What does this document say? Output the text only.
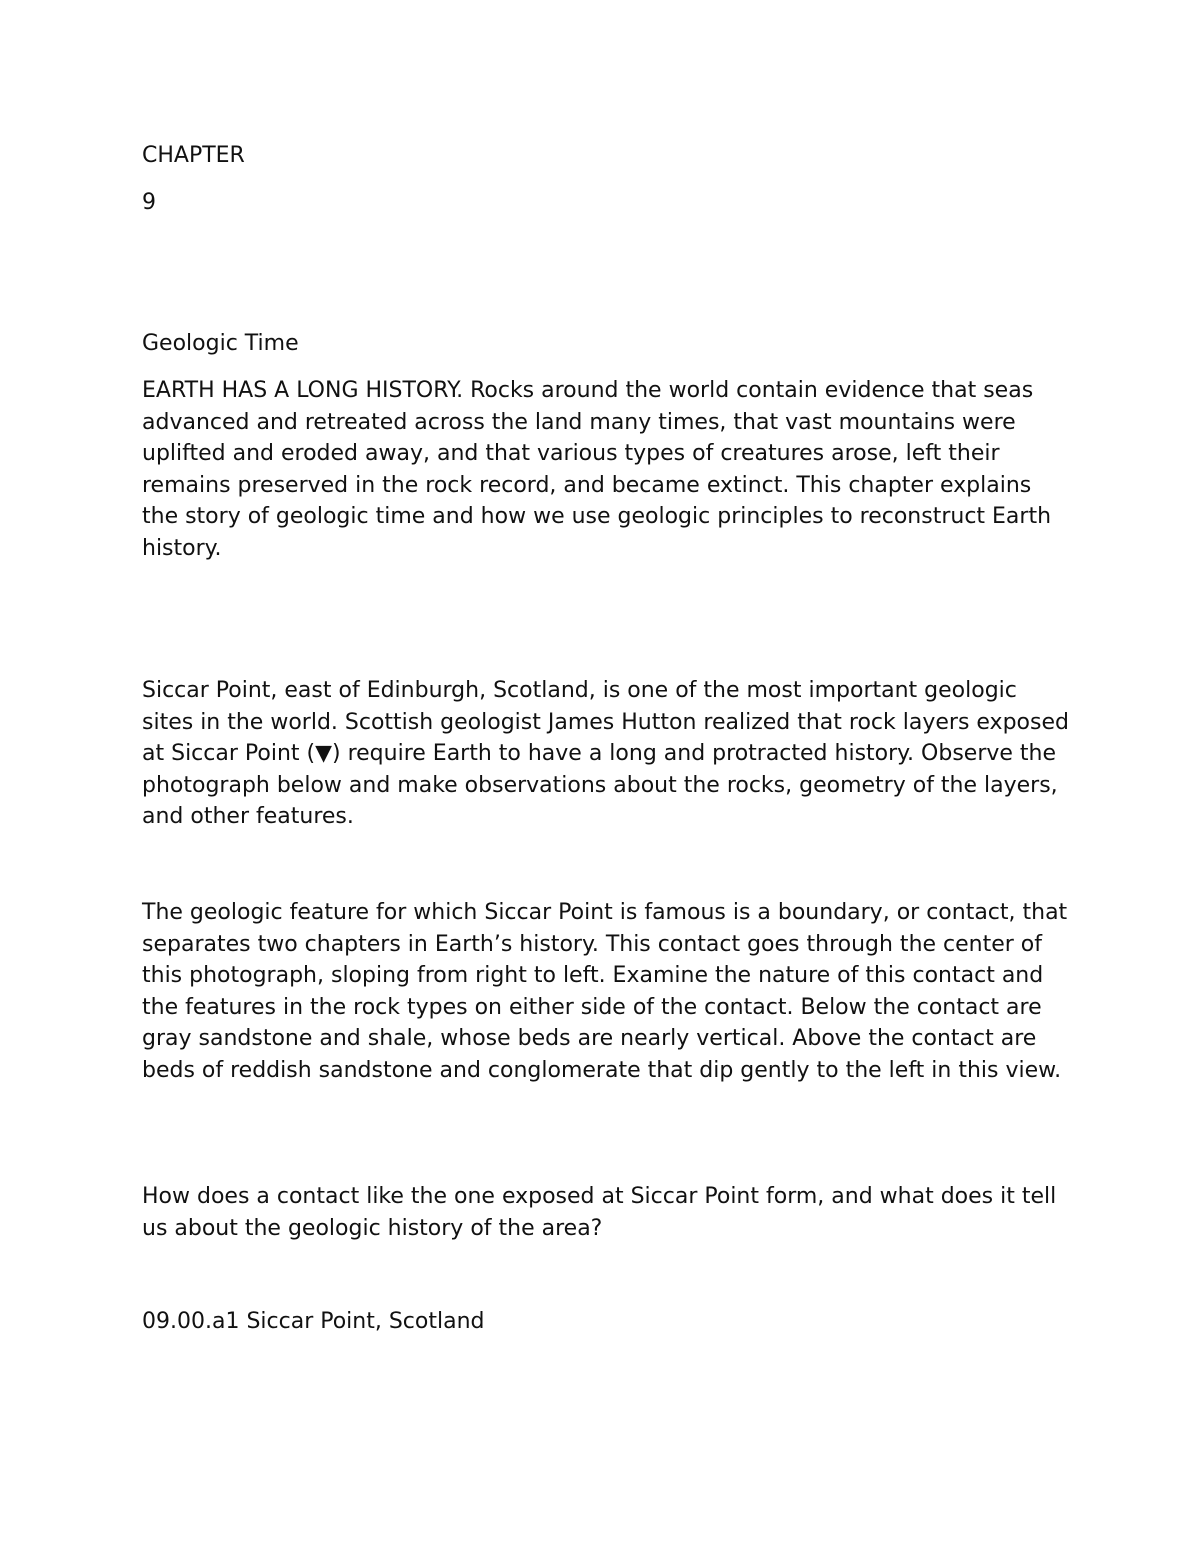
CHAPTER
9
Geologic Time
EARTH HAS A LONG HISTORY. Rocks around the world contain evidence that seas advanced and retreated across the land many times, that vast mountains were uplifted and eroded away, and that various types of creatures arose, left their remains preserved in the rock record, and became extinct. This chapter explains the story of geologic time and how we use geologic principles to reconstruct Earth history.
Siccar Point, east of Edinburgh, Scotland, is one of the most important geologic sites in the world. Scottish geologist James Hutton realized that rock layers exposed at Siccar Point (▼) require Earth to have a long and protracted history. Observe the photograph below and make observations about the rocks, geometry of the layers, and other features.
The geologic feature for which Siccar Point is famous is a boundary, or contact, that separates two chapters in Earth’s history. This contact goes through the center of this photograph, sloping from right to left. Examine the nature of this contact and the features in the rock types on either side of the contact. Below the contact are gray sandstone and shale, whose beds are nearly vertical. Above the contact are beds of reddish sandstone and conglomerate that dip gently to the left in this view.
How does a contact like the one exposed at Siccar Point form, and what does it tell us about the geologic history of the area?
09.00.a1 Siccar Point, Scotland
